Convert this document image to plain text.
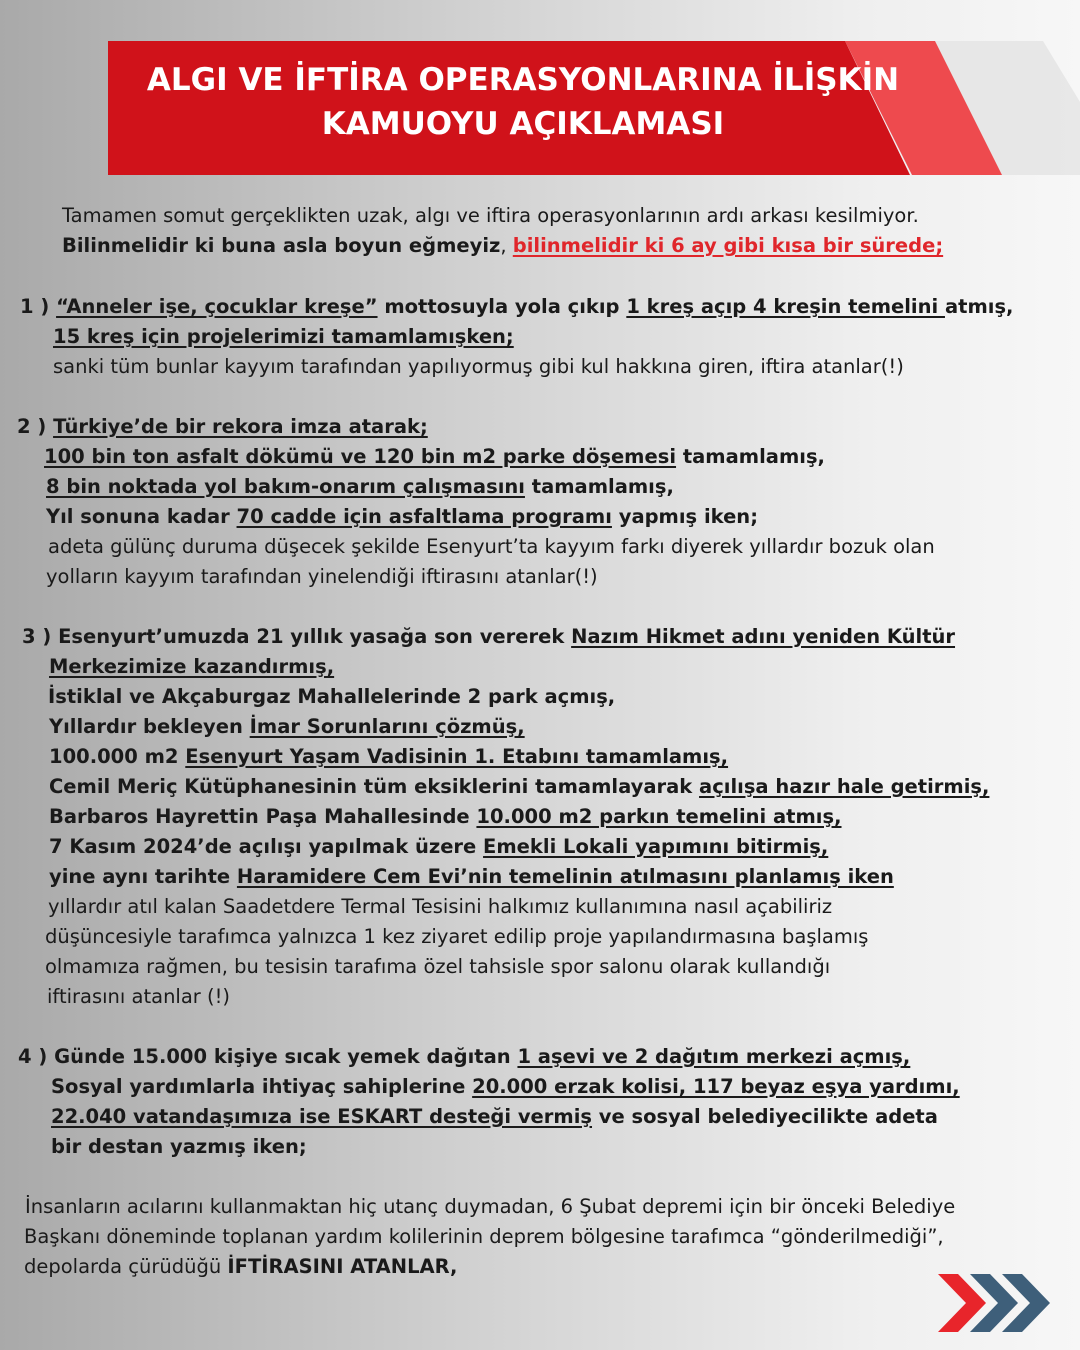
ALGI VE İFTİRA OPERASYONLARINA İLİŞKİN
KAMUOYU AÇIKLAMASI
Tamamen somut gerçeklikten uzak, algı ve iftira operasyonlarının ardı arkası kesilmiyor.
Bilinmelidir ki buna asla boyun eğmeyiz, bilinmelidir ki 6 ay gibi kısa bir sürede;
1 ) “Anneler işe, çocuklar kreşe” mottosuyla yola çıkıp 1 kreş açıp 4 kreşin temelini atmış,
15 kreş için projelerimizi tamamlamışken;
sanki tüm bunlar kayyım tarafından yapılıyormuş gibi kul hakkına giren, iftira atanlar(!)
2 ) Türkiye’de bir rekora imza atarak;
100 bin ton asfalt dökümü ve 120 bin m2 parke döşemesi tamamlamış,
8 bin noktada yol bakım-onarım çalışmasını tamamlamış,
Yıl sonuna kadar 70 cadde için asfaltlama programı yapmış iken;
adeta gülünç duruma düşecek şekilde Esenyurt’ta kayyım farkı diyerek yıllardır bozuk olan
yolların kayyım tarafından yinelendiği iftirasını atanlar(!)
3 ) Esenyurt’umuzda 21 yıllık yasağa son vererek Nazım Hikmet adını yeniden Kültür
Merkezimize kazandırmış,
İstiklal ve Akçaburgaz Mahallelerinde 2 park açmış,
Yıllardır bekleyen İmar Sorunlarını çözmüş,
100.000 m2 Esenyurt Yaşam Vadisinin 1. Etabını tamamlamış,
Cemil Meriç Kütüphanesinin tüm eksiklerini tamamlayarak açılışa hazır hale getirmiş,
Barbaros Hayrettin Paşa Mahallesinde 10.000 m2 parkın temelini atmış,
7 Kasım 2024’de açılışı yapılmak üzere Emekli Lokali yapımını bitirmiş,
yine aynı tarihte Haramidere Cem Evi’nin temelinin atılmasını planlamış iken
yıllardır atıl kalan Saadetdere Termal Tesisini halkımız kullanımına nasıl açabiliriz
düşüncesiyle tarafımca yalnızca 1 kez ziyaret edilip proje yapılandırmasına başlamış
olmamıza rağmen, bu tesisin tarafıma özel tahsisle spor salonu olarak kullandığı
iftirasını atanlar (!)
4 ) Günde 15.000 kişiye sıcak yemek dağıtan 1 aşevi ve 2 dağıtım merkezi açmış,
Sosyal yardımlarla ihtiyaç sahiplerine 20.000 erzak kolisi, 117 beyaz eşya yardımı,
22.040 vatandaşımıza ise ESKART desteği vermiş ve sosyal belediyecilikte adeta
bir destan yazmış iken;
İnsanların acılarını kullanmaktan hiç utanç duymadan, 6 Şubat depremi için bir önceki Belediye
Başkanı döneminde toplanan yardım kolilerinin deprem bölgesine tarafımca “gönderilmediği”,
depolarda çürüdüğü İFTİRASINI ATANLAR,
